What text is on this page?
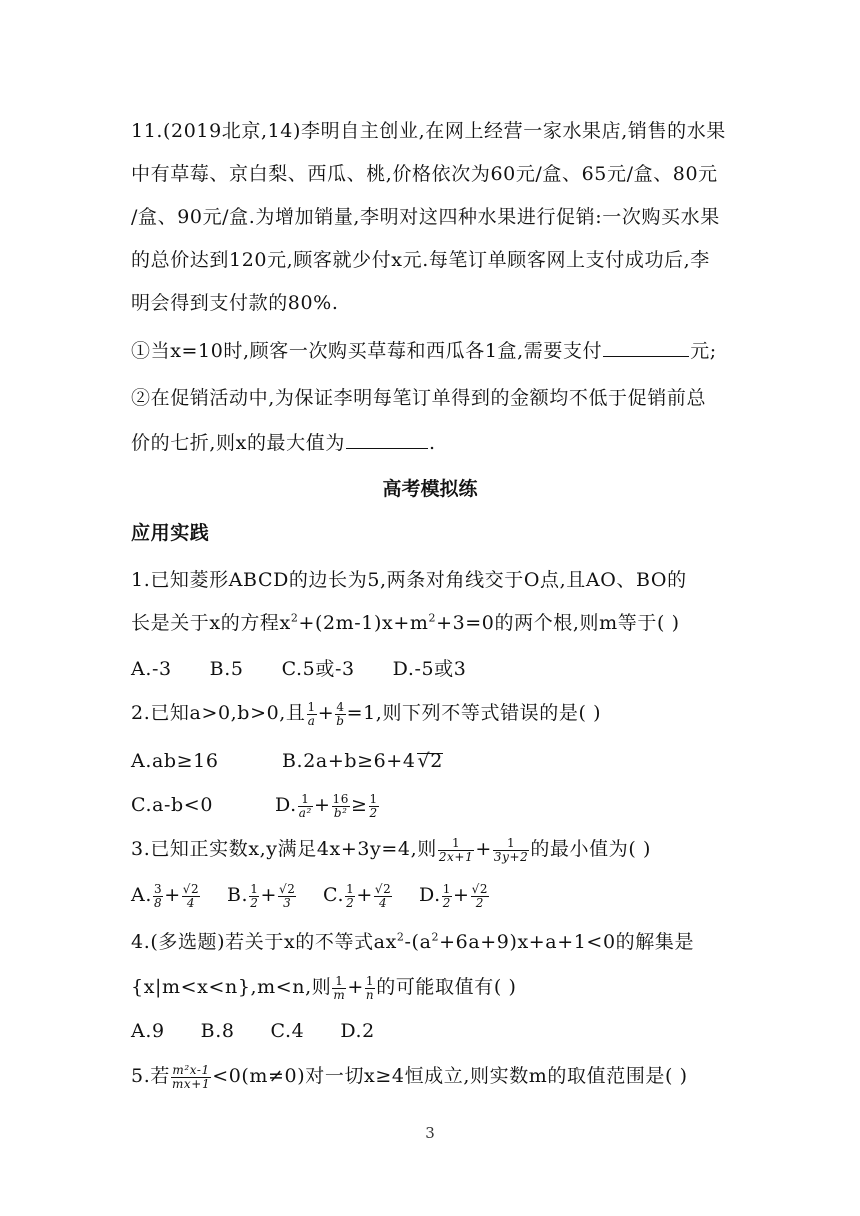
11.(2019北京,14)李明自主创业,在网上经营一家水果店,销售的水果
中有草莓、京白梨、西瓜、桃,价格依次为60元/盒、65元/盒、80元
/盒、90元/盒.为增加销量,李明对这四种水果进行促销:一次购买水果
的总价达到120元,顾客就少付x元.每笔订单顾客网上支付成功后,李
明会得到支付款的80%.
①当x=10时,顾客一次购买草莓和西瓜各1盒,需要支付	元;
②在促销活动中,为保证李明每笔订单得到的金额均不低于促销前总
价的七折,则x的最大值为	.
高考模拟练
应用实践
1.已知菱形ABCD的边长为5,两条对角线交于O点,且AO、BO的
长是关于x的方程$x^2+(2m-1)x+m^2+3=0$的两个根,则m等于( )
A.-3 B.5 C.5或-3 D.-5或3
2.已知a>0,b>0,且 $\frac{1}{a} + \frac{4}{b} =1$,则下列不等式错误的是( )
A.ab≥16	B.2a+b≥6+4 √2
C.a-b<0	D. $\frac{1}{\text{a²}} + \frac{16}{\text{b²}} \ge \frac{1}{2}$
3.已知正实数x,y满足4x+3y=4,则 $\frac{1}{2x+1} + \frac{1}{3y+2}$ 的最小值为( )
A. $\frac{3}{8} + \frac{√2}{4} B$. $\frac{1}{2} + \frac{√2}{3} C$. $\frac{1}{2} + \frac{√2}{4} D$. $\frac{1}{2} + \frac{√2}{2}$
4.(多选题)若关于x的不等式$ax^2-(a^2+6a+9)x+a+1<0$的解集是
{x|m<x<n},m<n,则 $\frac{1}{m} + \frac{1}{n}$ 的可能取值有( )
A.9 B.8 C.4 D.2
5.若 $\frac{\text{m²x-1}}{mx+1} <0(m\ne 0)$对一切x≥4恒成立,则实数m的取值范围是( )
3
